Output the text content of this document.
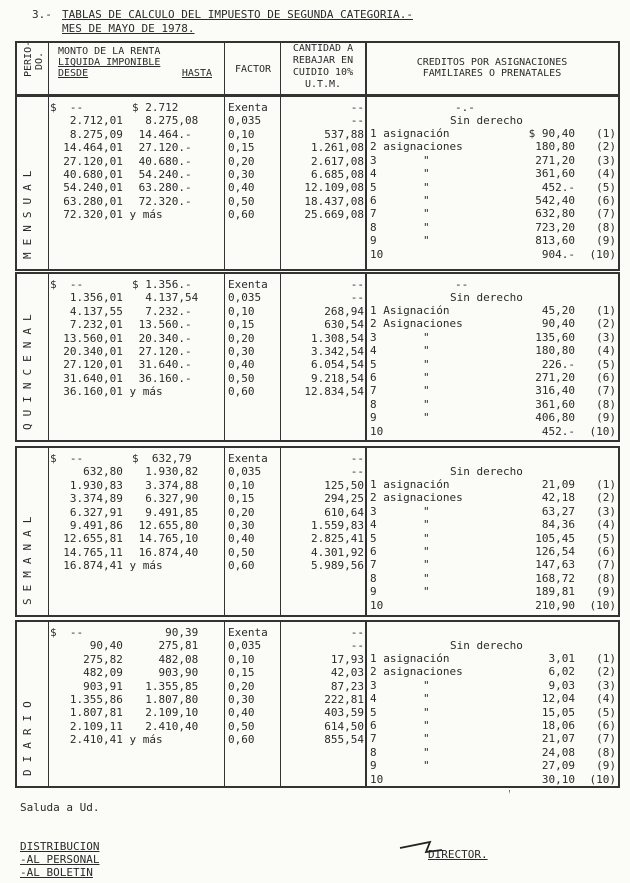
3.- TABLAS DE CALCULO DEL IMPUESTO DE SEGUNDA CATEGORIA.-
MES DE MAYO DE 1978.
PERIO-
DO.
MONTO DE LA RENTA
LIQUIDA IMPONIBLE
DESDE	HASTA	FACTOR
CANTIDAD A
REBAJAR EN
CUIDIO 10%
U.T.M.
CREDITOS POR ASIGNACIONES
FAMILIARES O PRENATALES
MENSUAL
$  --
2.712,01
8.275,09
14.464,01
27.120,01
40.680,01
54.240,01
63.280,01
72.320,01 y más
$ 2.712
8.275,08
14.464.-
27.120.-
40.680.-
54.240.-
63.280.-
72.320.-
Exenta
0,035
0,10
0,15
0,20
0,30
0,40
0,50
0,60
--
--
537,88
1.261,08
2.617,08
6.685,08
12.109,08
18.437,08
25.669,08
-.-
Sin derecho
1 asignación
2 asignaciones
3       "
4       "
5       "
6       "
7       "
8       "
9       "
10
$ 90,40
180,80
271,20
361,60
452.-
542,40
632,80
723,20
813,60
904.-
(1)
(2)
(3)
(4)
(5)
(6)
(7)
(8)
(9)
(10)
QUINCENAL
$  --
1.356,01
4.137,55
7.232,01
13.560,01
20.340,01
27.120,01
31.640,01
36.160,01 y más
$ 1.356.-
4.137,54
7.232.-
13.560.-
20.340.-
27.120.-
31.640.-
36.160.-
Exenta
0,035
0,10
0,15
0,20
0,30
0,40
0,50
0,60
--
--
268,94
630,54
1.308,54
3.342,54
6.054,54
9.218,54
12.834,54
--
Sin derecho
1 Asignación
2 Asignaciones
3       "
4       "
5       "
6       "
7       "
8       "
9       "
10
45,20
90,40
135,60
180,80
226.-
271,20
316,40
361,60
406,80
452.-
(1)
(2)
(3)
(4)
(5)
(6)
(7)
(8)
(9)
(10)
SEMANAL
$  --
632,80
1.930,83
3.374,89
6.327,91
9.491,86
12.655,81
14.765,11
16.874,41 y más
$  632,79
1.930,82
3.374,88
6.327,90
9.491,85
12.655,80
14.765,10
16.874,40
Exenta
0,035
0,10
0,15
0,20
0,30
0,40
0,50
0,60
--
--
125,50
294,25
610,64
1.559,83
2.825,41
4.301,92
5.989,56
Sin derecho
1 asignación
2 asignaciones
3       "
4       "
5       "
6       "
7       "
8       "
9       "
10
21,09
42,18
63,27
84,36
105,45
126,54
147,63
168,72
189,81
210,90
(1)
(2)
(3)
(4)
(5)
(6)
(7)
(8)
(9)
(10)
DIARIO
$  --
90,40
275,82
482,09
903,91
1.355,86
1.807,81
2.109,11
2.410,41 y más
90,39
275,81
482,08
903,90
1.355,85
1.807,80
2.109,10
2.410,40
Exenta
0,035
0,10
0,15
0,20
0,30
0,40
0,50
0,60
--
--
17,93
42,03
87,23
222,81
403,59
614,50
855,54
Sin derecho
1 asignación
2 asignaciones
3       "
4       "
5       "
6       "
7       "
8       "
9       "
10
3,01
6,02
9,03
12,04
15,05
18,06
21,07
24,08
27,09
30,10
(1)
(2)
(3)
(4)
(5)
(6)
(7)
(8)
(9)
(10)
Saluda a Ud.
DISTRIBUCION
-AL PERSONAL
-AL BOLETIN
DIRECTOR.
